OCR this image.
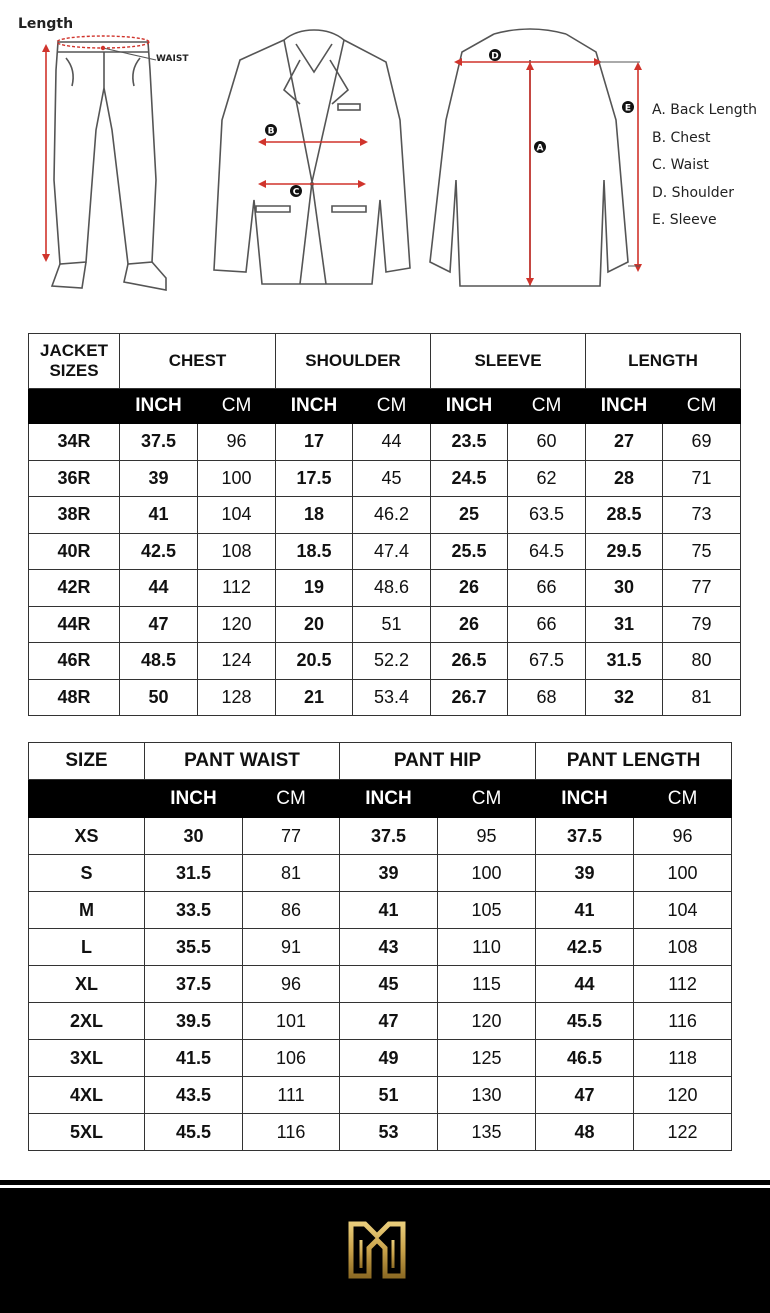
A
B
C
D
E
Length
WAIST
A. Back Length
B. Chest
C. Waist
D. Shoulder
E. Sleeve
JACKET
SIZES	CHEST		SHOULDER		SLEEVE		LENGTH	
	INCH	CM	INCH	CM	INCH	CM	INCH	CM
34R	37.5	96	17	44	23.5	60	27	69
36R	39	100	17.5	45	24.5	62	28	71
38R	41	104	18	46.2	25	63.5	28.5	73
40R	42.5	108	18.5	47.4	25.5	64.5	29.5	75
42R	44	112	19	48.6	26	66	30	77
44R	47	120	20	51	26	66	31	79
46R	48.5	124	20.5	52.2	26.5	67.5	31.5	80
48R	50	128	21	53.4	26.7	68	32	81
SIZE	PANT WAIST		PANT HIP		PANT LENGTH	
	INCH	CM	INCH	CM	INCH	CM
XS	30	77	37.5	95	37.5	96
S	31.5	81	39	100	39	100
M	33.5	86	41	105	41	104
L	35.5	91	43	110	42.5	108
XL	37.5	96	45	115	44	112
2XL	39.5	101	47	120	45.5	116
3XL	41.5	106	49	125	46.5	118
4XL	43.5	111	51	130	47	120
5XL	45.5	116	53	135	48	122
